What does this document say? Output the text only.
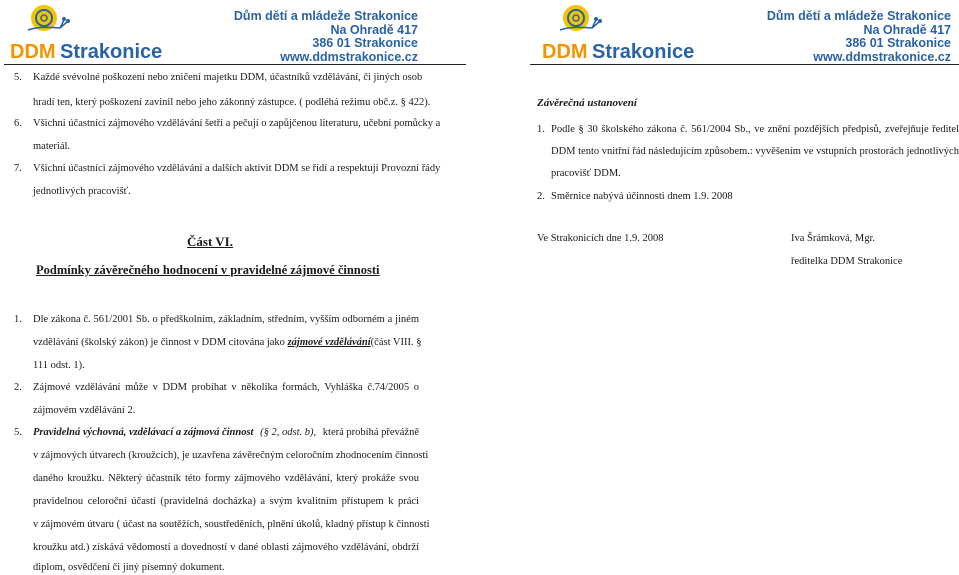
DDM Strakonice
Dům dětí a mládeže Strakonice
Na Ohradě 417
386 01 Strakonice
www.ddmstrakonice.cz
5. Každé svévolné poškození nebo zničení majetku DDM, účastníků vzdělávání, či jiných osob
hradí ten, který poškození zavinil nebo jeho zákonný zástupce. ( podléhá režimu obč.z. § 422).
6. Všichni účastníci zájmového vzdělávání šetří a pečují o zapůjčenou literaturu, učební pomůcky a
materiál.
7. Všichni účastníci zájmového vzdělávání a dalších aktivit DDM se řídí a respektují Provozní řády
jednotlivých pracovišť.
Část VI.
Podmínky závěrečného hodnocení v pravidelné zájmové činnosti
1. Dle zákona č. 561/2001 Sb. o předškolním, základním, středním, vyšším odborném a jiném
vzdělávání (školský zákon) je činnost v DDM citována jako zájmové vzdělávání (část VIII. §
111 odst. 1).
2. Zájmové vzdělávání může v DDM probíhat v několika formách, Vyhláška č.74/2005 o
zájmovém vzdělávání 2.
5. Pravidelná výchovná, vzdělávací a zájmová činnost (§ 2, odst. b), která probíhá převážně
v zájmových útvarech (kroužcích), je uzavřena závěrečným celoročním zhodnocením činnosti
daného kroužku. Některý účastník této formy zájmového vzdělávání, který prokáže svou
pravidelnou celoroční účastí (pravidelná docházka) a svým kvalitním přístupem k práci
v zájmovém útvaru ( účast na soutěžích, soustředěních, plnění úkolů, kladný přístup k činnosti
kroužku atd.) získává vědomostí a dovedností v dané oblasti zájmového vzdělávání, obdrží
diplom, osvědčení či jiný písemný dokument.
DDM Strakonice
Dům dětí a mládeže Strakonice
Na Ohradě 417
386 01 Strakonice
www.ddmstrakonice.cz
Závěrečná ustanovení
1. Podle § 30 školského zákona č. 561/2004 Sb., ve znění pozdějších předpisů, zveřejňuje ředitel
DDM tento vnitřní řád následujícím způsobem.: vyvěšením ve vstupních prostorách jednotlivých
pracovišť DDM.
2. Směrnice nabývá účinnosti dnem 1.9. 2008
Ve Strakonicích dne 1.9. 2008	Iva Šrámková, Mgr.
ředitelka DDM Strakonice
